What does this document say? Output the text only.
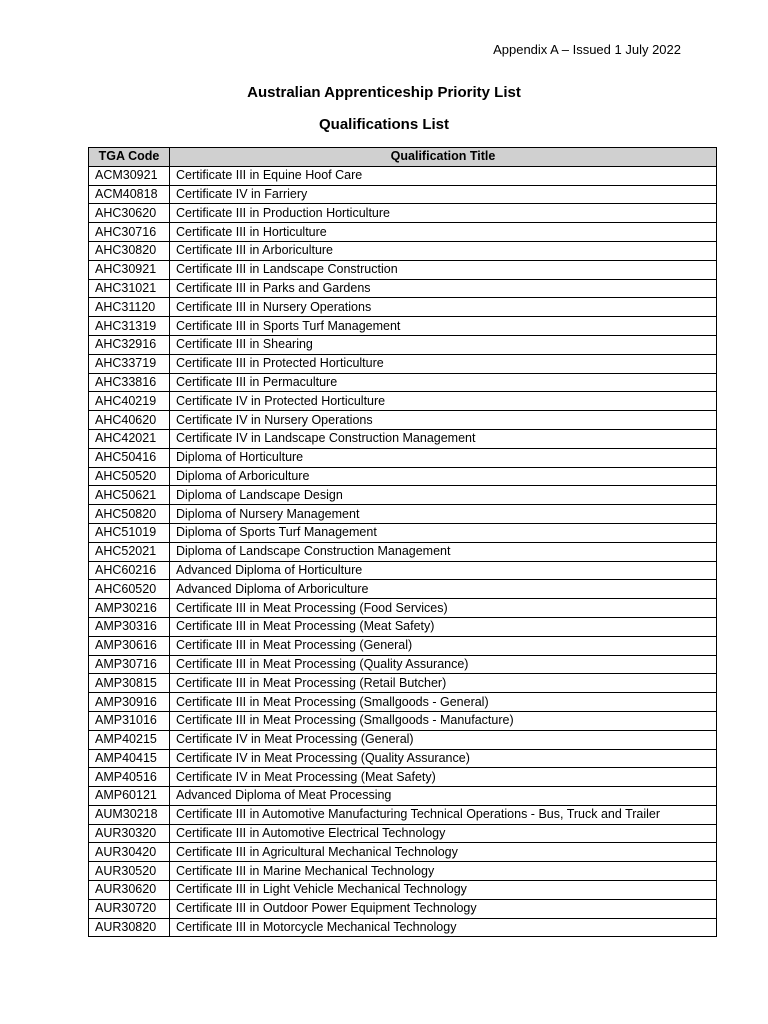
Appendix A – Issued 1 July 2022
Australian Apprenticeship Priority List
Qualifications List
TGA Code	Qualification Title
ACM30921	Certificate III in Equine Hoof Care
ACM40818	Certificate IV in Farriery
AHC30620	Certificate III in Production Horticulture
AHC30716	Certificate III in Horticulture
AHC30820	Certificate III in Arboriculture
AHC30921	Certificate III in Landscape Construction
AHC31021	Certificate III in Parks and Gardens
AHC31120	Certificate III in Nursery Operations
AHC31319	Certificate III in Sports Turf Management
AHC32916	Certificate III in Shearing
AHC33719	Certificate III in Protected Horticulture
AHC33816	Certificate III in Permaculture
AHC40219	Certificate IV in Protected Horticulture
AHC40620	Certificate IV in Nursery Operations
AHC42021	Certificate IV in Landscape Construction Management
AHC50416	Diploma of Horticulture
AHC50520	Diploma of Arboriculture
AHC50621	Diploma of Landscape Design
AHC50820	Diploma of Nursery Management
AHC51019	Diploma of Sports Turf Management
AHC52021	Diploma of Landscape Construction Management
AHC60216	Advanced Diploma of Horticulture
AHC60520	Advanced Diploma of Arboriculture
AMP30216	Certificate III in Meat Processing (Food Services)
AMP30316	Certificate III in Meat Processing (Meat Safety)
AMP30616	Certificate III in Meat Processing (General)
AMP30716	Certificate III in Meat Processing (Quality Assurance)
AMP30815	Certificate III in Meat Processing (Retail Butcher)
AMP30916	Certificate III in Meat Processing (Smallgoods - General)
AMP31016	Certificate III in Meat Processing (Smallgoods - Manufacture)
AMP40215	Certificate IV in Meat Processing (General)
AMP40415	Certificate IV in Meat Processing (Quality Assurance)
AMP40516	Certificate IV in Meat Processing (Meat Safety)
AMP60121	Advanced Diploma of Meat Processing
AUM30218	Certificate III in Automotive Manufacturing Technical Operations - Bus, Truck and Trailer
AUR30320	Certificate III in Automotive Electrical Technology
AUR30420	Certificate III in Agricultural Mechanical Technology
AUR30520	Certificate III in Marine Mechanical Technology
AUR30620	Certificate III in Light Vehicle Mechanical Technology
AUR30720	Certificate III in Outdoor Power Equipment Technology
AUR30820	Certificate III in Motorcycle Mechanical Technology
